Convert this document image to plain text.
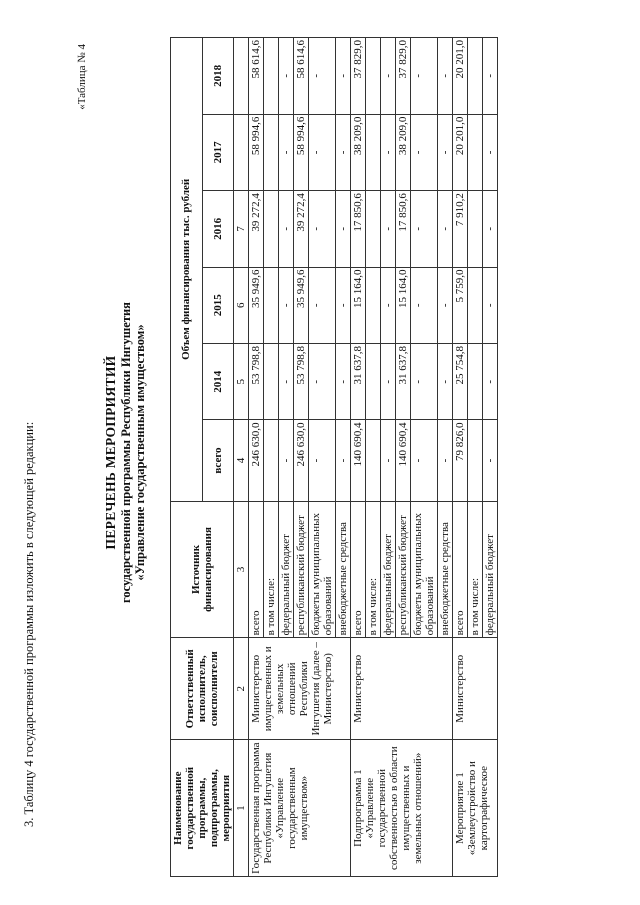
3. Таблицу 4 государственной программы изложить в следующей редакции:
«Таблица № 4
ПЕРЕЧЕНЬ МЕРОПРИЯТИЙ государственной программы Республики Ингушетия «Управление государственным имуществом»
Наименование государственной программы, подпрограммы, мероприятия	Ответственный исполнитель, соисполнители	Источник финансирования	Объем финансирования тыс. рублей					
			всего	2014	2015	2016	2017	2018
1	2	3	4	5	6	7		
Государственная программа Республики Ингушетия «Управление государственным имуществом»	Министерство имущественных и земельных отношений Республики Ингушетия (далее – Министерство)	всего	246 630,0	53 798,8	35 949,6	39 272,4	58 994,6	58 614,6
		в том числе:						
		федеральный бюджет	-	-	-	-	-	-
		республиканский бюджет	246 630,0	53 798,8	35 949,6	39 272,4	58 994,6	58 614,6
		бюджеты муниципальных образований	-	-	-	-	-	-
		внебюджетные средства	-	-	-	-	-	-
Подпрограмма 1 «Управление государственной собственностью в области имущественных и земельных отношений»	Министерство	всего	140 690,4	31 637,8	15 164,0	17 850,6	38 209,0	37 829,0
		в том числе:						
		федеральный бюджет	-	-	-	-	-	-
		республиканский бюджет	140 690,4	31 637,8	15 164,0	17 850,6	38 209,0	37 829,0
		бюджеты муниципальных образований	-	-	-	-	-	-
		внебюджетные средства	-	-	-	-	-	-
Мероприятие 1 «Землеустройство и картографическое	Министерство	всего	79 826,0	25 754,8	5 759,0	7 910,2	20 201,0	20 201,0
		в том числе:						
		федеральный бюджет	-	-	-	-	-	-
